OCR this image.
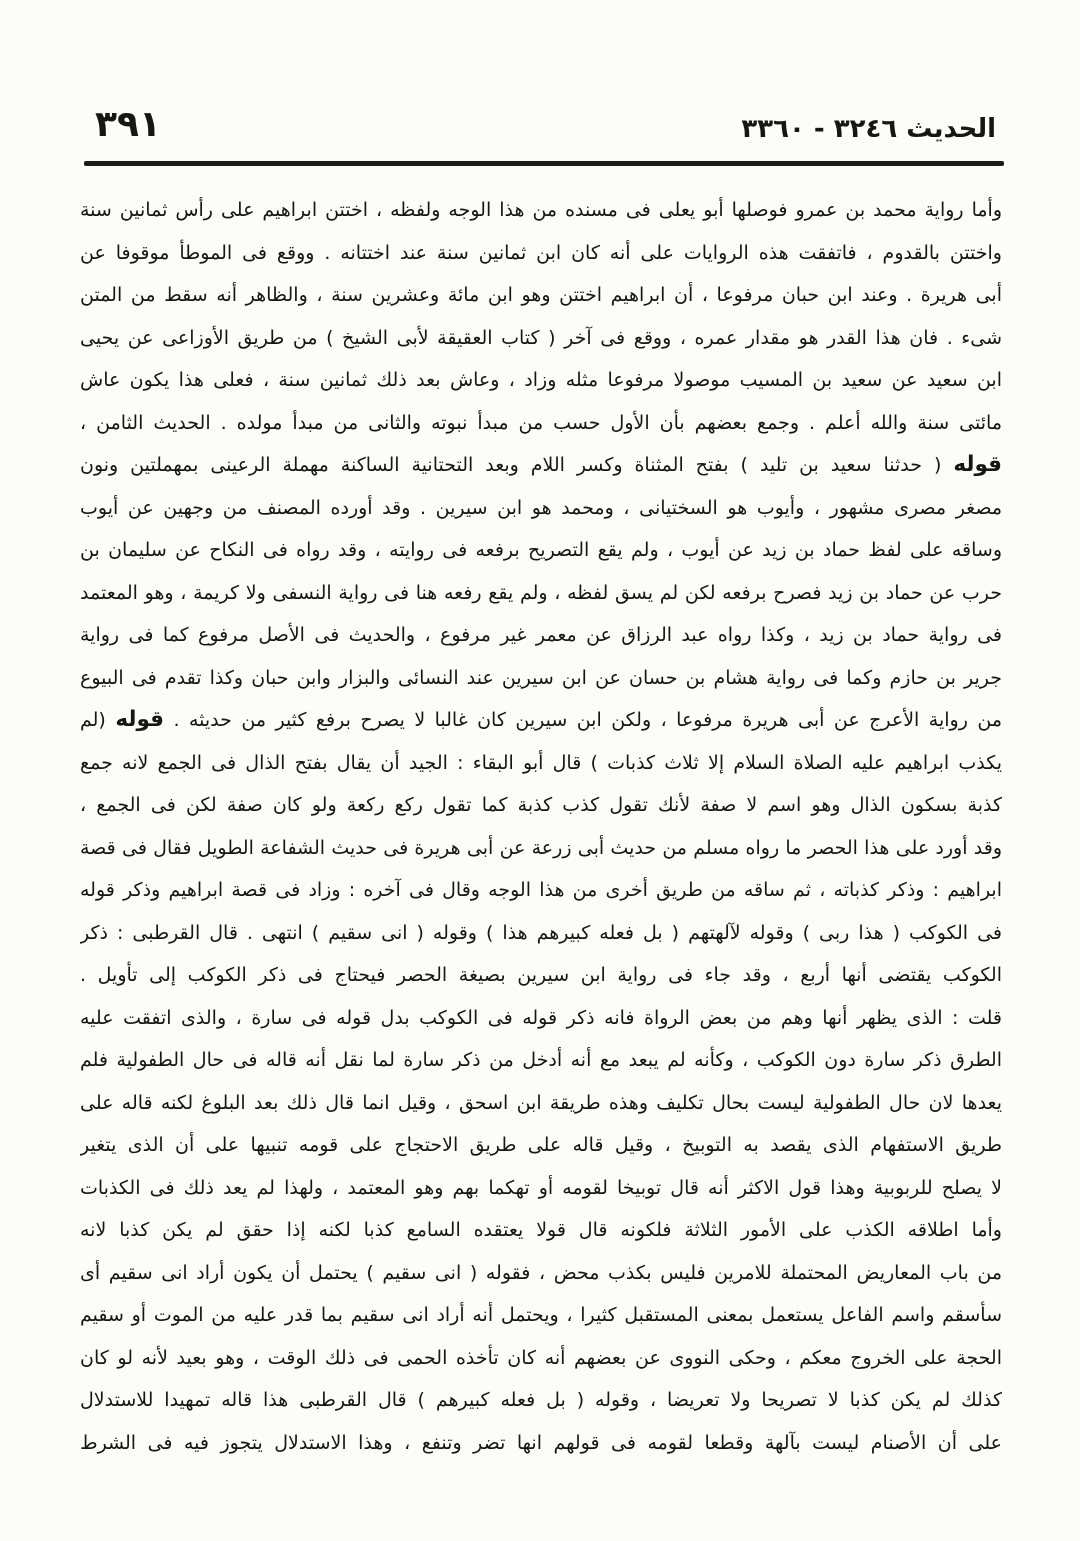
٣٩١	الحديث ٣٢٤٦ - ٣٣٦٠
وأما رواية محمد بن عمرو فوصلها أبو يعلى فى مسنده من هذا الوجه ولفظه ، اختتن ابراهيم على رأس ثمانين سنة
واختتن بالقدوم ، فاتفقت هذه الروايات على أنه كان ابن ثمانين سنة عند اختتانه . ووقع فى الموطأ موقوفا عن
أبى هريرة . وعند ابن حبان مرفوعا ، أن ابراهيم اختتن وهو ابن مائة وعشرين سنة ، والظاهر أنه سقط من المتن
شىء . فان هذا القدر هو مقدار عمره ، ووقع فى آخر ( كتاب العقيقة لأبى الشيخ ) من طريق الأوزاعى عن يحيى
ابن سعيد عن سعيد بن المسيب موصولا مرفوعا مثله وزاد ، وعاش بعد ذلك ثمانين سنة ، فعلى هذا يكون عاش
مائتى سنة والله أعلم . وجمع بعضهم بأن الأول حسب من مبدأ نبوته والثانى من مبدأ مولده . الحديث الثامن ،
قوله ( حدثنا سعيد بن تليد ) بفتح المثناة وكسر اللام وبعد التحتانية الساكنة مهملة الرعينى بمهملتين ونون
مصغر مصرى مشهور ، وأيوب هو السختيانى ، ومحمد هو ابن سيرين . وقد أورده المصنف من وجهين عن أيوب
وساقه على لفظ حماد بن زيد عن أيوب ، ولم يقع التصريح برفعه فى روايته ، وقد رواه فى النكاح عن سليمان بن
حرب عن حماد بن زيد فصرح برفعه لكن لم يسق لفظه ، ولم يقع رفعه هنا فى رواية النسفى ولا كريمة ، وهو المعتمد
فى رواية حماد بن زيد ، وكذا رواه عبد الرزاق عن معمر غير مرفوع ، والحديث فى الأصل مرفوع كما فى رواية
جرير بن حازم وكما فى رواية هشام بن حسان عن ابن سيرين عند النسائى والبزار وابن حبان وكذا تقدم فى البيوع
من رواية الأعرج عن أبى هريرة مرفوعا ، ولكن ابن سيرين كان غالبا لا يصرح برفع كثير من حديثه . قوله (لم
يكذب ابراهيم عليه الصلاة السلام إلا ثلاث كذبات ) قال أبو البقاء : الجيد أن يقال بفتح الذال فى الجمع لانه جمع
كذبة بسكون الذال وهو اسم لا صفة لأنك تقول كذب كذبة كما تقول ركع ركعة ولو كان صفة لكن فى الجمع ،
وقد أورد على هذا الحصر ما رواه مسلم من حديث أبى زرعة عن أبى هريرة فى حديث الشفاعة الطويل فقال فى قصة
ابراهيم : وذكر كذباته ، ثم ساقه من طريق أخرى من هذا الوجه وقال فى آخره : وزاد فى قصة ابراهيم وذكر قوله
فى الكوكب ( هذا ربى ) وقوله لآلهتهم ( بل فعله كبيرهم هذا ) وقوله ( انى سقيم ) انتهى . قال القرطبى : ذكر
الكوكب يقتضى أنها أربع ، وقد جاء فى رواية ابن سيرين بصيغة الحصر فيحتاج فى ذكر الكوكب إلى تأويل .
قلت : الذى يظهر أنها وهم من بعض الرواة فانه ذكر قوله فى الكوكب بدل قوله فى سارة ، والذى اتفقت عليه
الطرق ذكر سارة دون الكوكب ، وكأنه لم يبعد مع أنه أدخل من ذكر سارة لما نقل أنه قاله فى حال الطفولية فلم
يعدها لان حال الطفولية ليست بحال تكليف وهذه طريقة ابن اسحق ، وقيل انما قال ذلك بعد البلوغ لكنه قاله على
طريق الاستفهام الذى يقصد به التوبيخ ، وقيل قاله على طريق الاحتجاج على قومه تنبيها على أن الذى يتغير
لا يصلح للربوبية وهذا قول الاكثر أنه قال توبيخا لقومه أو تهكما بهم وهو المعتمد ، ولهذا لم يعد ذلك فى الكذبات
وأما اطلاقه الكذب على الأمور الثلاثة فلكونه قال قولا يعتقده السامع كذبا لكنه إذا حقق لم يكن كذبا لانه
من باب المعاريض المحتملة للامرين فليس بكذب محض ، فقوله ( انى سقيم ) يحتمل أن يكون أراد انى سقيم أى
سأسقم واسم الفاعل يستعمل بمعنى المستقبل كثيرا ، ويحتمل أنه أراد انى سقيم بما قدر عليه من الموت أو سقيم
الحجة على الخروج معكم ، وحكى النووى عن بعضهم أنه كان تأخذه الحمى فى ذلك الوقت ، وهو بعيد لأنه لو كان
كذلك لم يكن كذبا لا تصريحا ولا تعريضا ، وقوله ( بل فعله كبيرهم ) قال القرطبى هذا قاله تمهيدا للاستدلال
على أن الأصنام ليست بآلهة وقطعا لقومه فى قولهم انها تضر وتنفع ، وهذا الاستدلال يتجوز فيه فى الشرط
